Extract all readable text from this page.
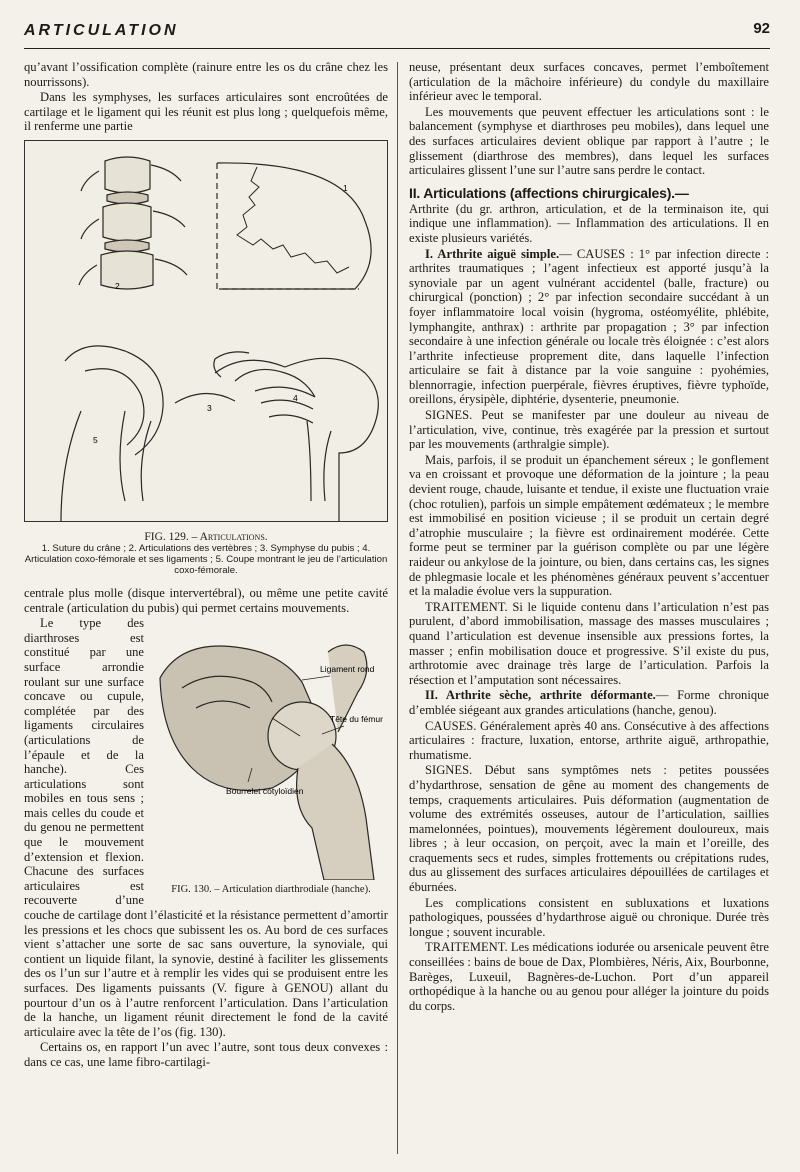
ARTICULATION	92

qu’avant l’ossification complète (rainure entre les os du crâne chez les nourrissons).

Dans les symphyses, les surfaces articulaires sont encroûtées de cartilage et le ligament qui les réunit est plus long ; quelquefois même, il renferme une partie

1
2
3
4
5
FIG. 129. – Articulations.
1. Suture du crâne ; 2. Articulations des vertèbres ; 3. Symphyse du pubis ; 4. Articulation coxo-fémorale et ses ligaments ; 5. Coupe montrant le jeu de l’articulation coxo-fémorale.

centrale plus molle (disque intervertébral), ou même une petite cavité centrale (articulation du pubis) qui permet certains mouvements.

Ligament rond
Tête du fémur
Bourrelet cotyloïdien
FIG. 130. – Articulation diarthrodiale (hanche).

Le type des diarthroses est constitué par une surface arrondie roulant sur une surface concave ou cupule, complétée par des ligaments circulaires (articulations de l’épaule et de la hanche). Ces articulations sont mobiles en tous sens ; mais celles du coude et du genou ne permettent que le mouvement d’extension et flexion. Chacune des surfaces articulaires est recouverte d’une couche de cartilage dont l’élasticité et la résistance permettent d’amortir les pressions et les chocs que subissent les os. Au bord de ces surfaces vient s’attacher une sorte de sac sans ouverture, la synoviale, qui contient un liquide filant, la synovie, destiné à faciliter les glissements des os l’un sur l’autre et à remplir les vides qui se produisent entre les surfaces. Des ligaments puissants (V. figure à GENOU) allant du pourtour d’un os à l’autre renforcent l’articulation. Dans l’articulation de la hanche, un ligament réunit directement le fond de la cavité articulaire avec la tête de l’os (fig. 130).

Certains os, en rapport l’un avec l’autre, sont tous deux convexes : dans ce cas, une lame fibro-cartilagi-

neuse, présentant deux surfaces concaves, permet l’emboîtement (articulation de la mâchoire inférieure) du condyle du maxillaire inférieur avec le temporal.

Les mouvements que peuvent effectuer les articulations sont : le balancement (symphyse et diarthroses peu mobiles), dans lequel une des surfaces articulaires devient oblique par rapport à l’autre ; le glissement (diarthrose des membres), dans lequel les surfaces articulaires glissent l’une sur l’autre sans perdre le contact.

II. Articulations (affections chirurgicales).—

Arthrite (du gr. arthron, articulation, et de la terminaison ite, qui indique une inflammation). — Inflammation des articulations. Il en existe plusieurs variétés.

I. Arthrite aiguë simple.— CAUSES : 1° par infection directe : arthrites traumatiques ; l’agent infectieux est apporté jusqu’à la synoviale par un agent vulnérant accidentel (balle, fracture) ou chirurgical (ponction) ; 2° par infection secondaire succédant à un foyer inflammatoire local voisin (hygroma, ostéomyélite, phlébite, lymphangite, anthrax) : arthrite par propagation ; 3° par infection secondaire à une infection générale ou locale très éloignée : c’est alors l’arthrite infectieuse proprement dite, dans laquelle l’infection articulaire se fait à distance par la voie sanguine : pyohémies, blennorragie, infection puerpérale, fièvres éruptives, fièvre typhoïde, oreillons, érysipèle, diphtérie, dysenterie, pneumonie.

SIGNES. Peut se manifester par une douleur au niveau de l’articulation, vive, continue, très exagérée par la pression et surtout par les mouvements (arthralgie simple).

Mais, parfois, il se produit un épanchement séreux ; le gonflement va en croissant et provoque une déformation de la jointure ; la peau devient rouge, chaude, luisante et tendue, il existe une fluctuation vraie (choc rotulien), parfois un simple empâtement œdémateux ; le membre est immobilisé en position vicieuse ; il se produit un certain degré d’atrophie musculaire ; la fièvre est ordinairement modérée. Cette forme peut se terminer par la guérison complète ou par une légère raideur ou ankylose de la jointure, ou bien, dans certains cas, les signes de phlegmasie locale et les phénomènes généraux peuvent s’accentuer et la maladie évolue vers la suppuration.

TRAITEMENT. Si le liquide contenu dans l’articulation n’est pas purulent, d’abord immobilisation, massage des masses musculaires ; quand l’articulation est devenue insensible aux pressions fortes, la masser ; enfin mobilisation douce et progressive. S’il existe du pus, arthrotomie avec drainage très large de l’articulation. Parfois la résection et l’amputation sont nécessaires.

II. Arthrite sèche, arthrite déformante.— Forme chronique d’emblée siégeant aux grandes articulations (hanche, genou).

CAUSES. Généralement après 40 ans. Consécutive à des affections articulaires : fracture, luxation, entorse, arthrite aiguë, arthropathie, rhumatisme.

SIGNES. Début sans symptômes nets : petites poussées d’hydarthrose, sensation de gêne au moment des changements de temps, craquements articulaires. Puis déformation (augmentation de volume des extrémités osseuses, autour de l’articulation, saillies mamelonnées, pointues), mouvements légèrement douloureux, mais libres ; à leur occasion, on perçoit, avec la main et l’oreille, des craquements secs et rudes, simples frottements ou crépitations rudes, dus au glissement des surfaces articulaires dépouillées de cartilages et éburnées.

Les complications consistent en subluxations et luxations pathologiques, poussées d’hydarthrose aiguë ou chronique. Durée très longue ; souvent incurable.

TRAITEMENT. Les médications iodurée ou arsenicale peuvent être conseillées : bains de boue de Dax, Plombières, Néris, Aix, Bourbonne, Barèges, Luxeuil, Bagnères-de-Luchon. Port d’un appareil orthopédique à la hanche ou au genou pour alléger la jointure du poids du corps.
